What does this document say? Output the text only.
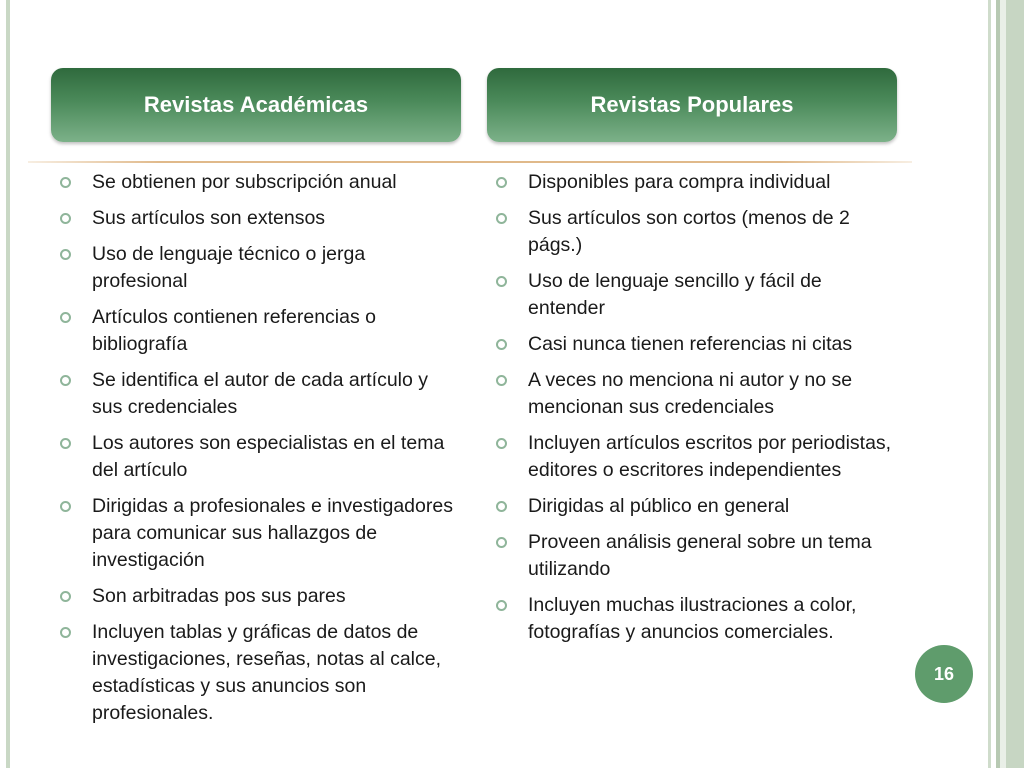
Revistas Académicas	Revistas Populares
Se obtienen por subscripción anual
Sus artículos son extensos
Uso de lenguaje técnico o jerga profesional
Artículos contienen referencias o bibliografía
Se identifica el autor de cada artículo y sus credenciales
Los autores son especialistas en el tema del artículo
Dirigidas a profesionales e investigadores para comunicar sus hallazgos de investigación
Son arbitradas pos sus pares
Incluyen tablas y gráficas de datos de investigaciones, reseñas, notas al calce, estadísticas y sus anuncios son profesionales.
Disponibles para compra individual
Sus artículos son cortos (menos de 2 págs.)
Uso de lenguaje sencillo y fácil de entender
Casi nunca tienen referencias ni citas
A veces no menciona ni autor y no se mencionan sus credenciales
Incluyen artículos escritos por periodistas, editores o escritores independientes
Dirigidas al público en general
Proveen análisis general sobre un tema utilizando
Incluyen muchas ilustraciones a color, fotografías y anuncios comerciales.
16
